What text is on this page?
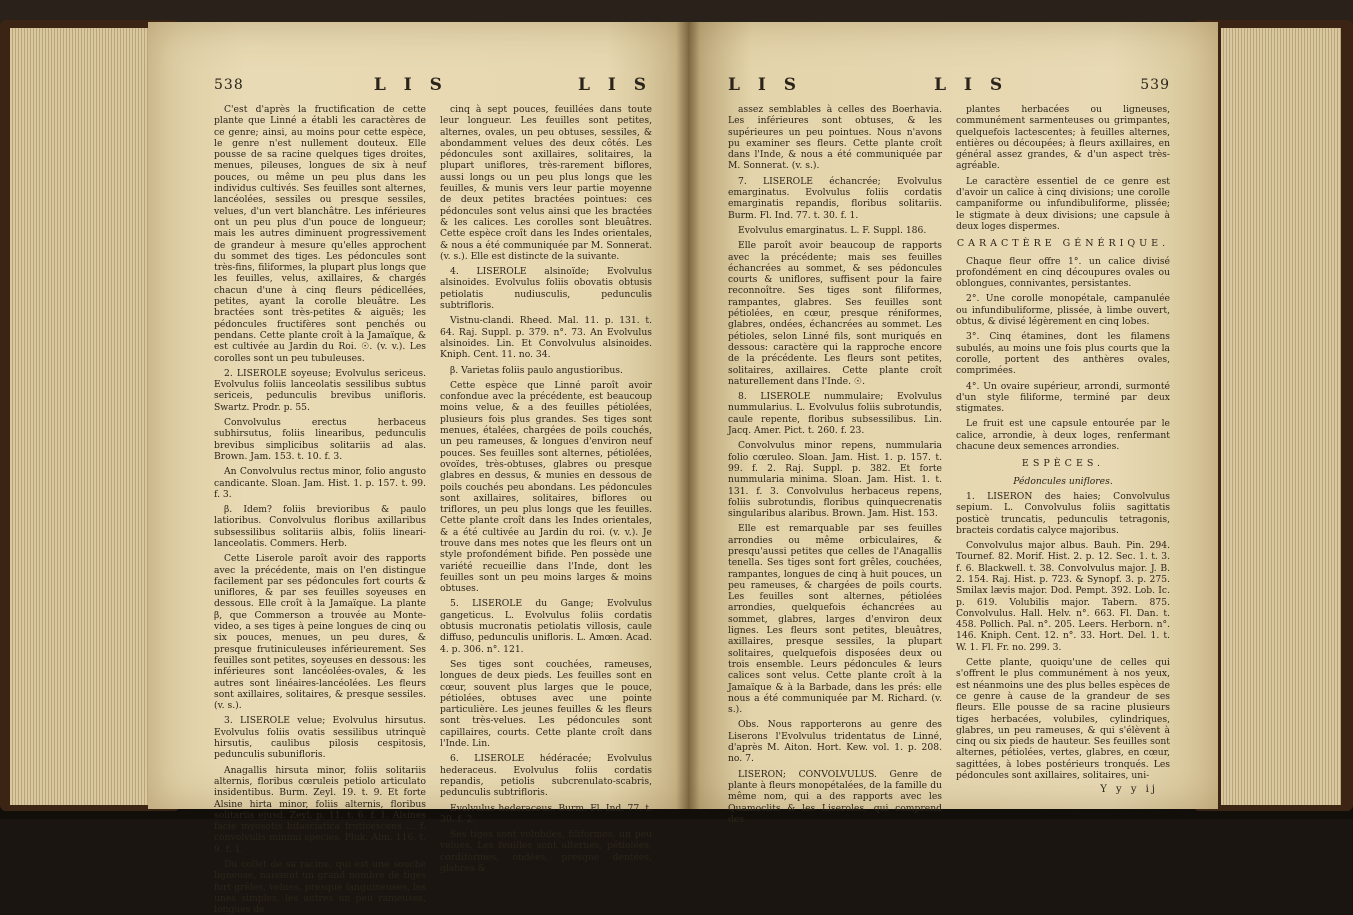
538	L I S	L I S

C'est d'après la fructification de cette plante que Linné a établi les caractères de ce genre; ainsi, au moins pour cette espèce, le genre n'est nullement douteux. Elle pousse de sa racine quelques tiges droites, menues, pileuses, longues de six à neuf pouces, ou même un peu plus dans les individus cultivés. Ses feuilles sont alternes, lancéolées, sessiles ou presque sessiles, velues, d'un vert blanchâtre. Les inférieures ont un peu plus d'un pouce de longueur; mais les autres diminuent progressivement de grandeur à mesure qu'elles approchent du sommet des tiges. Les pédoncules sont très-fins, filiformes, la plupart plus longs que les feuilles, velus, axillaires, & chargés chacun d'une à cinq fleurs pédicellées, petites, ayant la corolle bleuâtre. Les bractées sont très-petites & aiguës; les pédoncules fructifères sont penchés ou pendans. Cette plante croît à la Jamaïque, & est cultivée au Jardin du Roi. ☉. (v. v.). Les corolles sont un peu tubuleuses.

2. LISEROLE soyeuse; Evolvulus sericeus. Evolvulus foliis lanceolatis sessilibus subtus sericeis, pedunculis brevibus unifloris. Swartz. Prodr. p. 55.

Convolvulus erectus herbaceus subhirsutus, foliis linearibus, pedunculis brevibus simplicibus solitariis ad alas. Brown. Jam. 153. t. 10. f. 3.

An Convolvulus rectus minor, folio angusto candicante. Sloan. Jam. Hist. 1. p. 157. t. 99. f. 3.

β. Idem? foliis brevioribus & paulo latioribus. Convolvulus floribus axillaribus subsessilibus solitariis albis, foliis lineari-lanceolatis. Commers. Herb.

Cette Liserole paroît avoir des rapports avec la précédente, mais on l'en distingue facilement par ses pédoncules fort courts & uniflores, & par ses feuilles soyeuses en dessous. Elle croît à la Jamaïque. La plante β, que Commerson a trouvée au Monte-video, a ses tiges à peine longues de cinq ou six pouces, menues, un peu dures, & presque frutiniculeuses inférieurement. Ses feuilles sont petites, soyeuses en dessous: les inférieures sont lancéolées-ovales, & les autres sont linéaires-lancéolées. Les fleurs sont axillaires, solitaires, & presque sessiles. (v. s.).

3. LISEROLE velue; Evolvulus hirsutus. Evolvulus foliis ovatis sessilibus utrinquè hirsutis, caulibus pilosis cespitosis, pedunculis subunifloris.

Anagallis hirsuta minor, foliis solitariis alternis, floribus cœruleis petiolo articulato insidentibus. Burm. Zeyl. 19. t. 9. Et forte Alsine hirta minor, foliis alternis, floribus solitariis ejusd. Zeyl. p. 11. t. 6. f. 1. Alsines facie myosotis bifasciatica fruticescens ... f. convolvulis minimi species. Pluk. Alm. 116. t. 9. f. 1.

Du collet de sa racine, qui est une souche ligneuse, naissent un grand nombre de tiges fort grêles, velues, presque languineuses, les unes simples, les autres un peu rameuses, longues de

cinq à sept pouces, feuillées dans toute leur longueur. Les feuilles sont petites, alternes, ovales, un peu obtuses, sessiles, & abondamment velues des deux côtés. Les pédoncules sont axillaires, solitaires, la plupart uniflores, très-rarement biflores, aussi longs ou un peu plus longs que les feuilles, & munis vers leur partie moyenne de deux petites bractées pointues: ces pédoncules sont velus ainsi que les bractées & les calices. Les corolles sont bleuâtres. Cette espèce croît dans les Indes orientales, & nous a été communiquée par M. Sonnerat. (v. s.). Elle est distincte de la suivante.

4. LISEROLE alsinoïde; Evolvulus alsinoides. Evolvulus foliis obovatis obtusis petiolatis nudiusculis, pedunculis subtrifloris.

Vistnu-clandi. Rheed. Mal. 11. p. 131. t. 64. Raj. Suppl. p. 379. n°. 73. An Evolvulus alsinoides. Lin. Et Convolvulus alsinoides. Kniph. Cent. 11. no. 34.

β. Varietas foliis paulo angustioribus.

Cette espèce que Linné paroît avoir confondue avec la précédente, est beaucoup moins velue, & a des feuilles pétiolées, plusieurs fois plus grandes. Ses tiges sont menues, étalées, chargées de poils couchés, un peu rameuses, & longues d'environ neuf pouces. Ses feuilles sont alternes, pétiolées, ovoïdes, très-obtuses, glabres ou presque glabres en dessus, & munies en dessous de poils couchés peu abondans. Les pédoncules sont axillaires, solitaires, biflores ou triflores, un peu plus longs que les feuilles. Cette plante croît dans les Indes orientales, & a été cultivée au Jardin du roi. (v. v.). Je trouve dans mes notes que les fleurs ont un style profondément bifide. Pen possède une variété recueillie dans l'Inde, dont les feuilles sont un peu moins larges & moins obtuses.

5. LISEROLE du Gange; Evolvulus gangeticus. L. Evolvulus foliis cordatis obtusis mucronatis petiolatis villosis, caule diffuso, pedunculis unifloris. L. Amœn. Acad. 4. p. 306. n°. 121.

Ses tiges sont couchées, rameuses, longues de deux pieds. Les feuilles sont en cœur, souvent plus larges que le pouce, pétiolées, obtuses avec une pointe particulière. Les jeunes feuilles & les fleurs sont très-velues. Les pédoncules sont capillaires, courts. Cette plante croît dans l'Inde. Lin.

6. LISEROLE hédéracée; Evolvulus hederaceus. Evolvulus foliis cordatis repandis, petiolis subcrenulato-scabris, pedunculis subtrifloris.

Evolvulus hederaceus. Burm. Fl. Ind. 77. t. 30. f. 2.

Ses tiges sont volubiles, filiformes, un peu velues. Les feuilles sont alternes, pétiolées, cordiformes, ondées, presque dentées, glabres &

L I S	L I S	539

assez semblables à celles des Boerhavia. Les inférieures sont obtuses, & les supérieures un peu pointues. Nous n'avons pu examiner ses fleurs. Cette plante croît dans l'Inde, & nous a été communiquée par M. Sonnerat. (v. s.).

7. LISEROLE échancrée; Evolvulus emarginatus. Evolvulus foliis cordatis emarginatis repandis, floribus solitariis. Burm. Fl. Ind. 77. t. 30. f. 1.

Evolvulus emarginatus. L. F. Suppl. 186.

Elle paroît avoir beaucoup de rapports avec la précédente; mais ses feuilles échancrées au sommet, & ses pédoncules courts & uniflores, suffisent pour la faire reconnoître. Ses tiges sont filiformes, rampantes, glabres. Ses feuilles sont pétiolées, en cœur, presque réniformes, glabres, ondées, échancrées au sommet. Les pétioles, selon Linné fils, sont muriqués en dessous: caractère qui la rapproche encore de la précédente. Les fleurs sont petites, solitaires, axillaires. Cette plante croît naturellement dans l'Inde. ☉.

8. LISEROLE nummulaire; Evolvulus nummularius. L. Evolvulus foliis subrotundis, caule repente, floribus subsessilibus. Lin. Jacq. Amer. Pict. t. 260. f. 23.

Convolvulus minor repens, nummularia folio cœruleo. Sloan. Jam. Hist. 1. p. 157. t. 99. f. 2. Raj. Suppl. p. 382. Et forte nummularia minima. Sloan. Jam. Hist. 1. t. 131. f. 3. Convolvulus herbaceus repens, foliis subrotundis, floribus quinquecrenatis singularibus alaribus. Brown. Jam. Hist. 153.

Elle est remarquable par ses feuilles arrondies ou même orbiculaires, & presqu'aussi petites que celles de l'Anagallis tenella. Ses tiges sont fort grêles, couchées, rampantes, longues de cinq à huit pouces, un peu rameuses, & chargées de poils courts. Les feuilles sont alternes, pétiolées arrondies, quelquefois échancrées au sommet, glabres, larges d'environ deux lignes. Les fleurs sont petites, bleuâtres, axillaires, presque sessiles, la plupart solitaires, quelquefois disposées deux ou trois ensemble. Leurs pédoncules & leurs calices sont velus. Cette plante croît à la Jamaïque & à la Barbade, dans les prés: elle nous a été communiquée par M. Richard. (v. s.).

Obs. Nous rapporterons au genre des Liserons l'Evolvulus tridentatus de Linné, d'après M. Aiton. Hort. Kew. vol. 1. p. 208. no. 7.

LISERON; CONVOLVULUS. Genre de plante à fleurs monopétalées, de la famille du même nom, qui a des rapports avec les Quamoclits & les Liseroles, qui comprend des

plantes herbacées ou ligneuses, communément sarmenteuses ou grimpantes, quelquefois lactescentes; à feuilles alternes, entières ou découpées; à fleurs axillaires, en général assez grandes, & d'un aspect très-agréable.

Le caractère essentiel de ce genre est d'avoir un calice à cinq divisions; une corolle campaniforme ou infundibuliforme, plissée; le stigmate à deux divisions; une capsule à deux loges dispermes.

CARACTÈRE GÉNÉRIQUE.

Chaque fleur offre 1°. un calice divisé profondément en cinq découpures ovales ou oblongues, connivantes, persistantes.

2°. Une corolle monopétale, campanulée ou infundibuliforme, plissée, à limbe ouvert, obtus, & divisé légèrement en cinq lobes.

3°. Cinq étamines, dont les filamens subulés, au moins une fois plus courts que la corolle, portent des anthères ovales, comprimées.

4°. Un ovaire supérieur, arrondi, surmonté d'un style filiforme, terminé par deux stigmates.

Le fruit est une capsule entourée par le calice, arrondie, à deux loges, renfermant chacune deux semences arrondies.

ESPÈCES.

Pédoncules uniflores.

1. LISERON des haies; Convolvulus sepium. L. Convolvulus foliis sagittatis posticè truncatis, pedunculis tetragonis, bracteis cordatis calyce majoribus.

Convolvulus major albus. Bauh. Pin. 294. Tournef. 82. Morif. Hist. 2. p. 12. Sec. 1. t. 3. f. 6. Blackwell. t. 38. Convolvulus major. J. B. 2. 154. Raj. Hist. p. 723. & Synopf. 3. p. 275. Smilax lævis major. Dod. Pempt. 392. Lob. Ic. p. 619. Volubilis major. Tabern. 875. Convolvulus. Hall. Helv. n°. 663. Fl. Dan. t. 458. Pollich. Pal. n°. 205. Leers. Herborn. n°. 146. Kniph. Cent. 12. n°. 33. Hort. Del. 1. t. W. 1. Fl. Fr. no. 299. 3.

Cette plante, quoiqu'une de celles qui s'offrent le plus communément à nos yeux, est néanmoins une des plus belles espèces de ce genre à cause de la grandeur de ses fleurs. Elle pousse de sa racine plusieurs tiges herbacées, volubiles, cylindriques, glabres, un peu rameuses, & qui s'élèvent à cinq ou six pieds de hauteur. Ses feuilles sont alternes, pétiolées, vertes, glabres, en cœur, sagittées, à lobes postérieurs tronqués. Les pédoncules sont axillaires, solitaires, uni-

Y y y ij
